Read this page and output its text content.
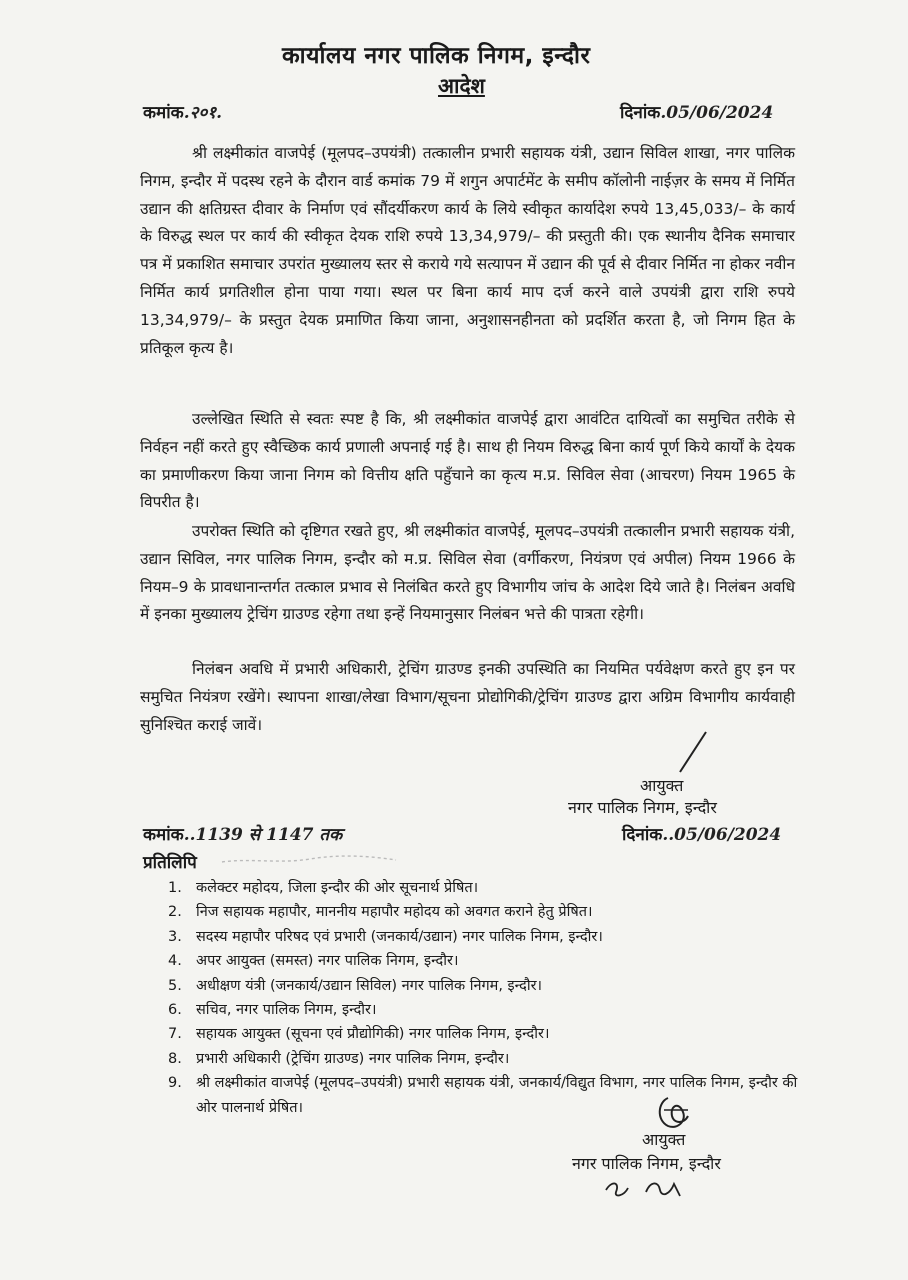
कार्यालय नगर पालिक निगम, इन्दौर
आदेश
कमांक.२०१.	दिनांक.05/06/2024
श्री लक्ष्मीकांत वाजपेई (मूलपद–उपयंत्री) तत्कालीन प्रभारी सहायक यंत्री, उद्यान सिविल शाखा, नगर पालिक निगम, इन्दौर में पदस्थ रहने के दौरान वार्ड कमांक 79 में शगुन अपार्टमेंट के समीप कॉलोनी नाईज़र के समय में निर्मित उद्यान की क्षतिग्रस्त दीवार के निर्माण एवं सौंदर्यीकरण कार्य के लिये स्वीकृत कार्यादेश रुपये 13,45,033/– के कार्य के विरुद्ध स्थल पर कार्य की स्वीकृत देयक राशि रुपये 13,34,979/– की प्रस्तुती की। एक स्थानीय दैनिक समाचार पत्र में प्रकाशित समाचार उपरांत मुख्यालय स्तर से कराये गये सत्यापन में उद्यान की पूर्व से दीवार निर्मित ना होकर नवीन निर्मित कार्य प्रगतिशील होना पाया गया। स्थल पर बिना कार्य माप दर्ज करने वाले उपयंत्री द्वारा राशि रुपये 13,34,979/– के प्रस्तुत देयक प्रमाणित किया जाना, अनुशासनहीनता को प्रदर्शित करता है, जो निगम हित के प्रतिकूल कृत्य है।
उल्लेखित स्थिति से स्वतः स्पष्ट है कि, श्री लक्ष्मीकांत वाजपेई द्वारा आवंटित दायित्वों का समुचित तरीके से निर्वहन नहीं करते हुए स्वैच्छिक कार्य प्रणाली अपनाई गई है। साथ ही नियम विरुद्ध बिना कार्य पूर्ण किये कार्यों के देयक का प्रमाणीकरण किया जाना निगम को वित्तीय क्षति पहुँचाने का कृत्य म.प्र. सिविल सेवा (आचरण) नियम 1965 के विपरीत है।
उपरोक्त स्थिति को दृष्टिगत रखते हुए, श्री लक्ष्मीकांत वाजपेई, मूलपद–उपयंत्री तत्कालीन प्रभारी सहायक यंत्री, उद्यान सिविल, नगर पालिक निगम, इन्दौर को म.प्र. सिविल सेवा (वर्गीकरण, नियंत्रण एवं अपील) नियम 1966 के नियम–9 के प्रावधानान्तर्गत तत्काल प्रभाव से निलंबित करते हुए विभागीय जांच के आदेश दिये जाते है। निलंबन अवधि में इनका मुख्यालय ट्रेचिंग ग्राउण्ड रहेगा तथा इन्हें नियमानुसार निलंबन भत्ते की पात्रता रहेगी।
निलंबन अवधि में प्रभारी अधिकारी, ट्रेचिंग ग्राउण्ड इनकी उपस्थिति का नियमित पर्यवेक्षण करते हुए इन पर समुचित नियंत्रण रखेंगे। स्थापना शाखा/लेखा विभाग/सूचना प्रोद्योगिकी/ट्रेचिंग ग्राउण्ड द्वारा अग्रिम विभागीय कार्यवाही सुनिश्चित कराई जावें।
आयुक्त
नगर पालिक निगम, इन्दौर
कमांक..1139 से 1147 तक	दिनांक..05/06/2024
प्रतिलिपि
1. कलेक्टर महोदय, जिला इन्दौर की ओर सूचनार्थ प्रेषित।
2. निज सहायक महापौर, माननीय महापौर महोदय को अवगत कराने हेतु प्रेषित।
3. सदस्य महापौर परिषद एवं प्रभारी (जनकार्य/उद्यान) नगर पालिक निगम, इन्दौर।
4. अपर आयुक्त (समस्त) नगर पालिक निगम, इन्दौर।
5. अधीक्षण यंत्री (जनकार्य/उद्यान सिविल) नगर पालिक निगम, इन्दौर।
6. सचिव, नगर पालिक निगम, इन्दौर।
7. सहायक आयुक्त (सूचना एवं प्रौद्योगिकी) नगर पालिक निगम, इन्दौर।
8. प्रभारी अधिकारी (ट्रेचिंग ग्राउण्ड) नगर पालिक निगम, इन्दौर।
9. श्री लक्ष्मीकांत वाजपेई (मूलपद–उपयंत्री) प्रभारी सहायक यंत्री, जनकार्य/विद्युत विभाग, नगर पालिक निगम, इन्दौर की ओर पालनार्थ प्रेषित।
आयुक्त
नगर पालिक निगम, इन्दौर
